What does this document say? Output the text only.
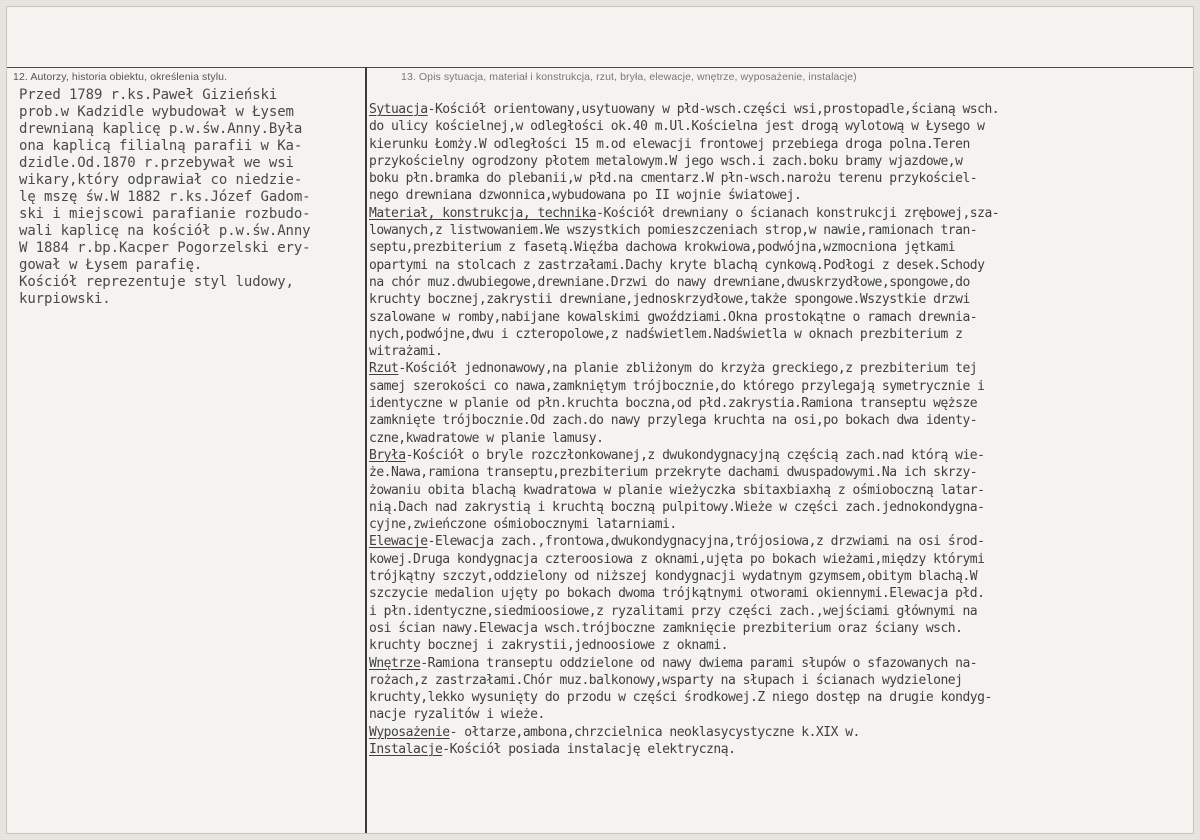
12. Autorzy, historia obiektu, określenia stylu.	13. Opis sytuacja, materiał i konstrukcja, rzut, bryła, elewacje, wnętrze, wyposażenie, instalacje)
Przed 1789 r.ks.Paweł Gizieński
prob.w Kadzidle wybudował w Łysem
drewnianą kaplicę p.w.św.Anny.Była
ona kaplicą filialną parafii w Ka-
dzidle.Od.1870 r.przebywał we wsi
wikary,który odprawiał co niedzie-
lę mszę św.W 1882 r.ks.Józef Gadom-
ski i miejscowi parafianie rozbudo-
wali kaplicę na kościół p.w.św.Anny
W 1884 r.bp.Kacper Pogorzelski ery-
gował w Łysem parafię.
Kościół reprezentuje styl ludowy,
kurpiowski.
Sytuacja-Kościół orientowany,usytuowany w płd-wsch.części wsi,prostopadle,ścianą wsch.
do ulicy kościelnej,w odległości ok.40 m.Ul.Kościelna jest drogą wylotową w Łysego w
kierunku Łomży.W odległości 15 m.od elewacji frontowej przebiega droga polna.Teren
przykościelny ogrodzony płotem metalowym.W jego wsch.i zach.boku bramy wjazdowe,w
boku płn.bramka do plebanii,w płd.na cmentarz.W płn-wsch.narożu terenu przykościel-
nego drewniana dzwonnica,wybudowana po II wojnie światowej.
Materiał, konstrukcja, technika-Kościół drewniany o ścianach konstrukcji zrębowej,sza-
lowanych,z listwowaniem.We wszystkich pomieszczeniach strop,w nawie,ramionach tran-
septu,prezbiterium z fasetą.Więźba dachowa krokwiowa,podwójna,wzmocniona jętkami
opartymi na stolcach z zastrzałami.Dachy kryte blachą cynkową.Podłogi z desek.Schody
na chór muz.dwubiegowe,drewniane.Drzwi do nawy drewniane,dwuskrzydłowe,spongowe,do
kruchty bocznej,zakrystii drewniane,jednoskrzydłowe,także spongowe.Wszystkie drzwi
szalowane w romby,nabijane kowalskimi gwoździami.Okna prostokątne o ramach drewnia-
nych,podwójne,dwu i czteropolowe,z nadświetlem.Nadświetla w oknach prezbiterium z
witrażami.
Rzut-Kościół jednonawowy,na planie zbliżonym do krzyża greckiego,z prezbiterium tej
samej szerokości co nawa,zamkniętym trójbocznie,do którego przylegają symetrycznie i
identyczne w planie od płn.kruchta boczna,od płd.zakrystia.Ramiona transeptu węższe
zamknięte trójbocznie.Od zach.do nawy przylega kruchta na osi,po bokach dwa identy-
czne,kwadratowe w planie lamusy.
Bryła-Kościół o bryle rozczłonkowanej,z dwukondygnacyjną częścią zach.nad którą wie-
że.Nawa,ramiona transeptu,prezbiterium przekryte dachami dwuspadowymi.Na ich skrzy-
żowaniu obita blachą kwadratowa w planie wieżyczka sbitaxbiaxhą z ośmioboczną latar-
nią.Dach nad zakrystią i kruchtą boczną pulpitowy.Wieże w części zach.jednokondygna-
cyjne,zwieńczone ośmiobocznymi latarniami.
Elewacje-Elewacja zach.,frontowa,dwukondygnacyjna,trójosiowa,z drzwiami na osi środ-
kowej.Druga kondygnacja czteroosiowa z oknami,ujęta po bokach wieżami,między którymi
trójkątny szczyt,oddzielony od niższej kondygnacji wydatnym gzymsem,obitym blachą.W
szczycie medalion ujęty po bokach dwoma trójkątnymi otworami okiennymi.Elewacja płd.
i płn.identyczne,siedmioosiowe,z ryzalitami przy części zach.,wejściami głównymi na
osi ścian nawy.Elewacja wsch.trójboczne zamknięcie prezbiterium oraz ściany wsch.
kruchty bocznej i zakrystii,jednoosiowe z oknami.
Wnętrze-Ramiona transeptu oddzielone od nawy dwiema parami słupów o sfazowanych na-
rożach,z zastrzałami.Chór muz.balkonowy,wsparty na słupach i ścianach wydzielonej
kruchty,lekko wysunięty do przodu w części środkowej.Z niego dostęp na drugie kondyg-
nacje ryzalitów i wieże.
Wyposażenie- ołtarze,ambona,chrzcielnica neoklasycystyczne k.XIX w.
Instalacje-Kościół posiada instalację elektryczną.
